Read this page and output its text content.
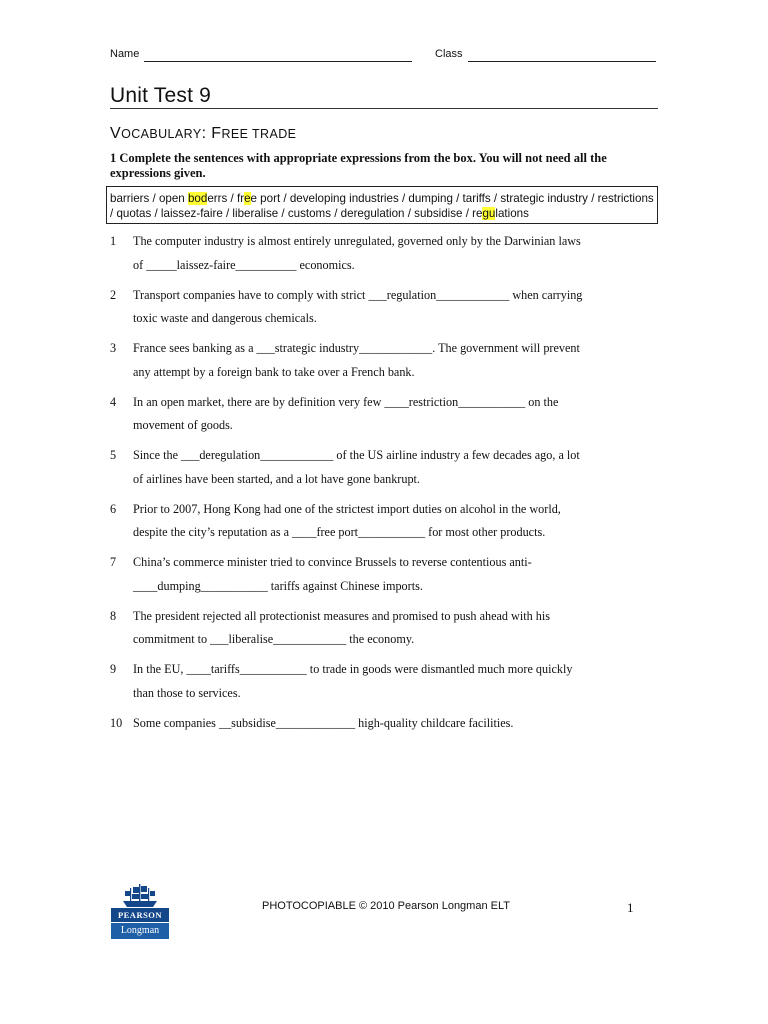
Name	Class
Unit Test 9
VOCABULARY: FREE TRADE
1 Complete the sentences with appropriate expressions from the box. You will not need all the expressions given.
barriers / open boderrs / free port / developing industries / dumping / tariffs / strategic industry / restrictions / quotas / laissez-faire / liberalise / customs / deregulation / subsidise / regulations
1 The computer industry is almost entirely unregulated, governed only by the Darwinian laws
of _____laissez-faire__________ economics.
2 Transport companies have to comply with strict ___regulation____________ when carrying
toxic waste and dangerous chemicals.
3 France sees banking as a ___strategic industry____________. The government will prevent
any attempt by a foreign bank to take over a French bank.
4 In an open market, there are by definition very few ____restriction___________ on the
movement of goods.
5 Since the ___deregulation____________ of the US airline industry a few decades ago, a lot
of airlines have been started, and a lot have gone bankrupt.
6 Prior to 2007, Hong Kong had one of the strictest import duties on alcohol in the world,
despite the city’s reputation as a ____free port___________ for most other products.
7 China’s commerce minister tried to convince Brussels to reverse contentious anti-
____dumping___________ tariffs against Chinese imports.
8 The president rejected all protectionist measures and promised to push ahead with his
commitment to ___liberalise____________ the economy.
9 In the EU, ____tariffs___________ to trade in goods were dismantled much more quickly
than those to services.
10 Some companies __subsidise_____________ high-quality childcare facilities.
PEARSON
Longman
PHOTOCOPIABLE © 2010 Pearson Longman ELT	1
